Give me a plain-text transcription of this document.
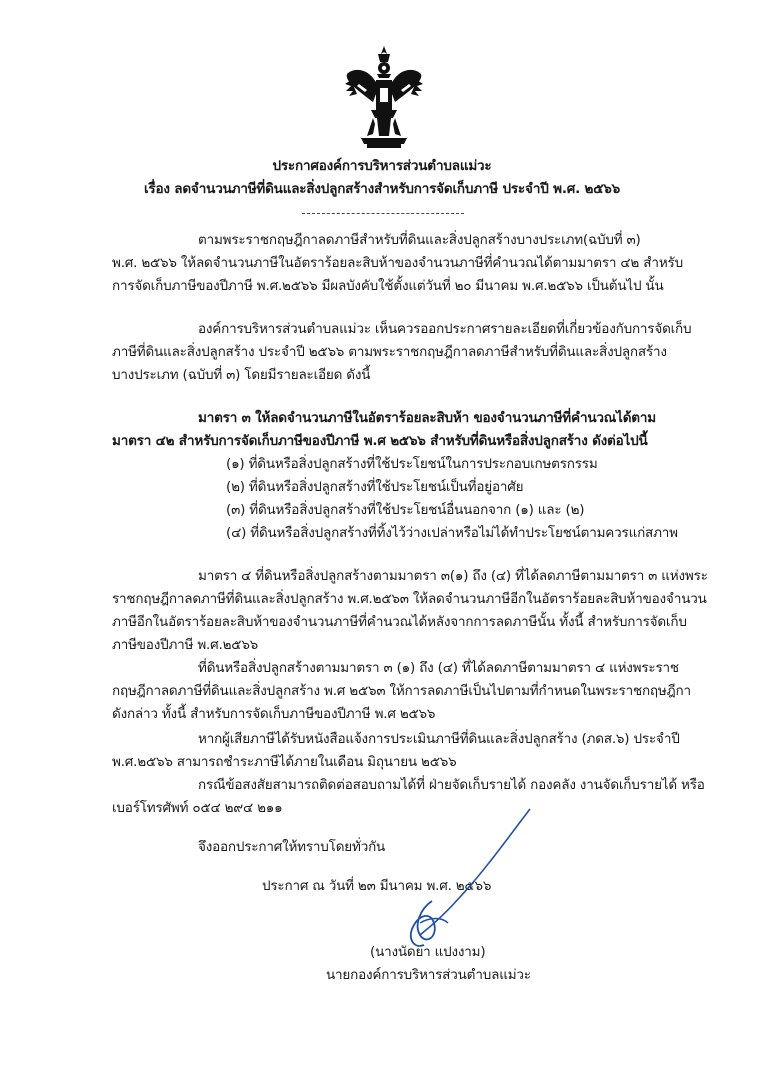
ประกาศองค์การบริหารส่วนตำบลแม่วะ
เรื่อง ลดจำนวนภาษีที่ดินและสิ่งปลูกสร้างสำหรับการจัดเก็บภาษี ประจำปี พ.ศ. ๒๕๖๖
ตามพระราชกฤษฎีกาลดภาษีสำหรับที่ดินและสิ่งปลูกสร้างบางประเภท(ฉบับที่ ๓)
พ.ศ. ๒๕๖๖ ให้ลดจำนวนภาษีในอัตราร้อยละสิบห้าของจำนวนภาษีที่คำนวณได้ตามมาตรา ๔๒ สำหรับ
การจัดเก็บภาษีของปีภาษี พ.ศ.๒๕๖๖ มีผลบังคับใช้ตั้งแต่วันที่ ๒๐ มีนาคม พ.ศ.๒๕๖๖ เป็นต้นไป นั้น
องค์การบริหารส่วนตำบลแม่วะ เห็นควรออกประกาศรายละเอียดที่เกี่ยวข้องกับการจัดเก็บ
ภาษีที่ดินและสิ่งปลูกสร้าง ประจำปี ๒๕๖๖ ตามพระราชกฤษฎีกาลดภาษีสำหรับที่ดินและสิ่งปลูกสร้าง
บางประเภท (ฉบับที่ ๓) โดยมีรายละเอียด ดังนี้
มาตรา ๓ ให้ลดจำนวนภาษีในอัตราร้อยละสิบห้า ของจำนวนภาษีที่คำนวณได้ตาม
มาตรา ๔๒ สำหรับการจัดเก็บภาษีของปีภาษี พ.ศ ๒๕๖๖ สำหรับที่ดินหรือสิ่งปลูกสร้าง ดังต่อไปนี้
(๑) ที่ดินหรือสิ่งปลูกสร้างที่ใช้ประโยชน์ในการประกอบเกษตรกรรม
(๒) ที่ดินหรือสิ่งปลูกสร้างที่ใช้ประโยชน์เป็นที่อยู่อาศัย
(๓) ที่ดินหรือสิ่งปลูกสร้างที่ใช้ประโยชน์อื่นนอกจาก (๑) และ (๒)
(๔) ที่ดินหรือสิ่งปลูกสร้างที่ทิ้งไว้ว่างเปล่าหรือไม่ได้ทำประโยชน์ตามควรแก่สภาพ
มาตรา ๔ ที่ดินหรือสิ่งปลูกสร้างตามมาตรา ๓(๑) ถึง (๔) ที่ได้ลดภาษีตามมาตรา ๓ แห่งพระ
ราชกฤษฎีกาลดภาษีที่ดินและสิ่งปลูกสร้าง พ.ศ.๒๕๖๓ ให้ลดจำนวนภาษีอีกในอัตราร้อยละสิบห้าของจำนวน
ภาษีอีกในอัตราร้อยละสิบห้าของจำนวนภาษีที่คำนวณได้หลังจากการลดภาษีนั้น ทั้งนี้ สำหรับการจัดเก็บ
ภาษีของปีภาษี พ.ศ.๒๕๖๖
ที่ดินหรือสิ่งปลูกสร้างตามมาตรา ๓ (๑) ถึง (๔) ที่ได้ลดภาษีตามมาตรา ๔ แห่งพระราช
กฤษฎีกาลดภาษีที่ดินและสิ่งปลูกสร้าง พ.ศ ๒๕๖๓ ให้การลดภาษีเป็นไปตามที่กำหนดในพระราชกฤษฎีกา
ดังกล่าว ทั้งนี้ สำหรับการจัดเก็บภาษีของปีภาษี พ.ศ ๒๕๖๖
หากผู้เสียภาษีได้รับหนังสือแจ้งการประเมินภาษีที่ดินและสิ่งปลูกสร้าง (ภดส.๖) ประจำปี
พ.ศ.๒๕๖๖ สามารถชำระภาษีได้ภายในเดือน มิถุนายน ๒๕๖๖
กรณีข้อสงสัยสามารถติดต่อสอบถามได้ที่ ฝ่ายจัดเก็บรายได้ กองคลัง งานจัดเก็บรายได้ หรือ
เบอร์โทรศัพท์ ๐๕๔ ๒๙๔ ๒๑๑
จึงออกประกาศให้ทราบโดยทั่วกัน
ประกาศ ณ วันที่ ๒๓ มีนาคม พ.ศ. ๒๕๖๖
(นางนัดยา แปงงาม)
นายกองค์การบริหารส่วนตำบลแม่วะ
